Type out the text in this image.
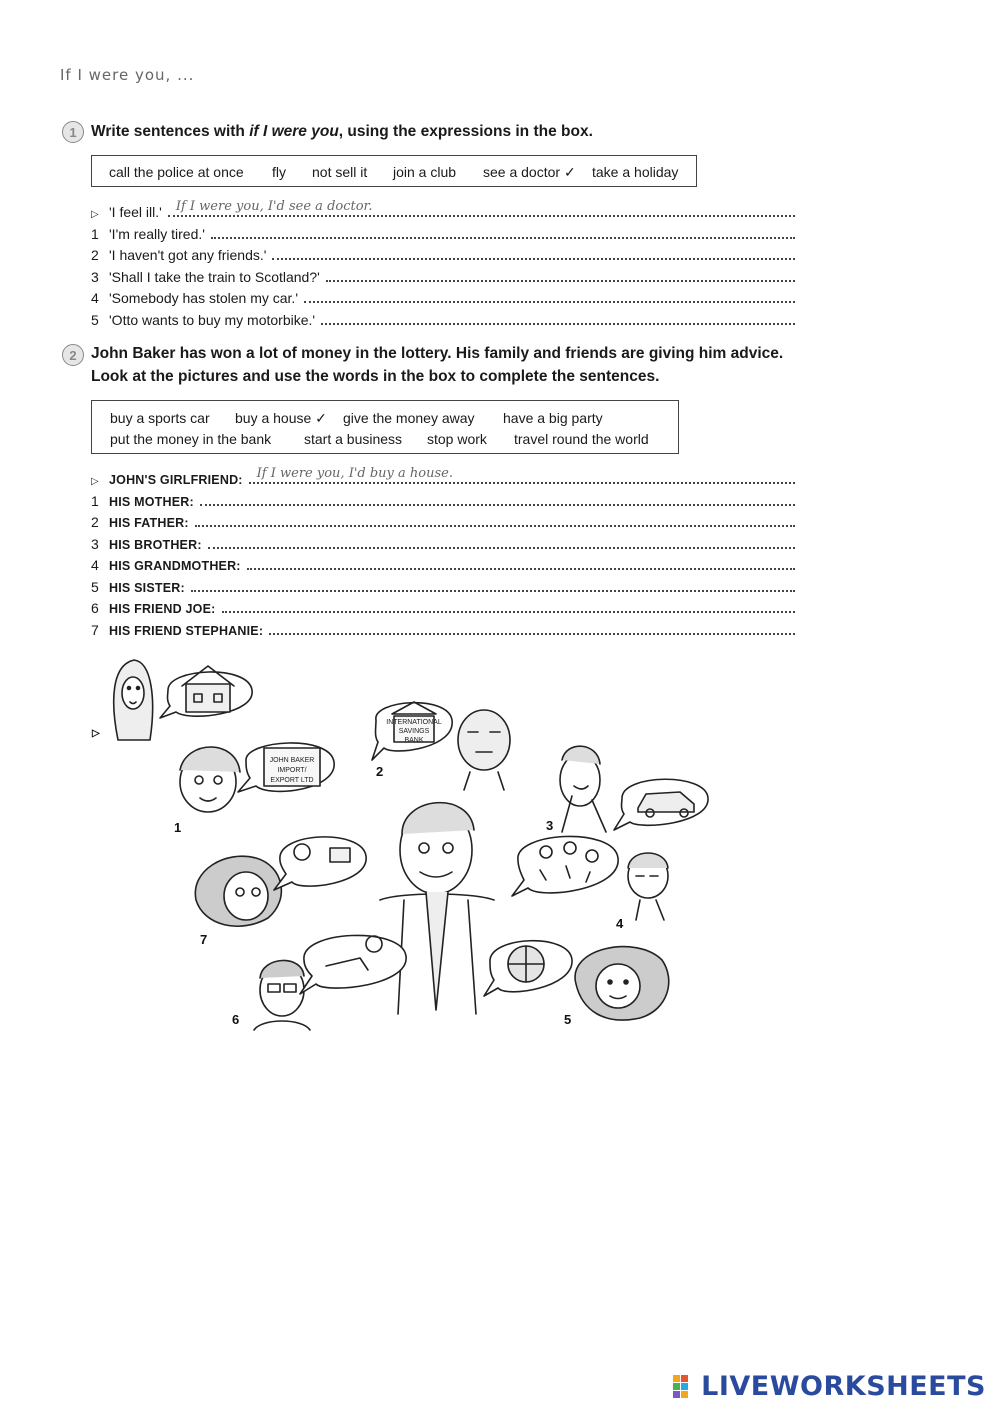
If I were you, ...
1 Write sentences with if I were you, using the expressions in the box.
call the police at once fly not sell it join a club see a doctor ✓ take a holiday
▷ 'I feel ill.' If I were you, I'd see a doctor.
1 'I'm really tired.'
2 'I haven't got any friends.'
3 'Shall I take the train to Scotland?'
4 'Somebody has stolen my car.'
5 'Otto wants to buy my motorbike.'
2 John Baker has won a lot of money in the lottery. His family and friends are giving him advice.
Look at the pictures and use the words in the box to complete the sentences.
buy a sports car buy a house ✓ give the money away have a big party
put the money in the bank start a business stop work travel round the world
▷ JOHN'S GIRLFRIEND: If I were you, I'd buy a house.
1 HIS MOTHER:
2 HIS FATHER:
3 HIS BROTHER:
4 HIS GRANDMOTHER:
5 HIS SISTER:
6 HIS FRIEND JOE:
7 HIS FRIEND STEPHANIE:
JOHN BAKER
IMPORT/
EXPORT LTD
INTERNATIONAL
SAVINGS
BANK
▷
1
2
3
4
5
6
7
LIVEWORKSHEETS
